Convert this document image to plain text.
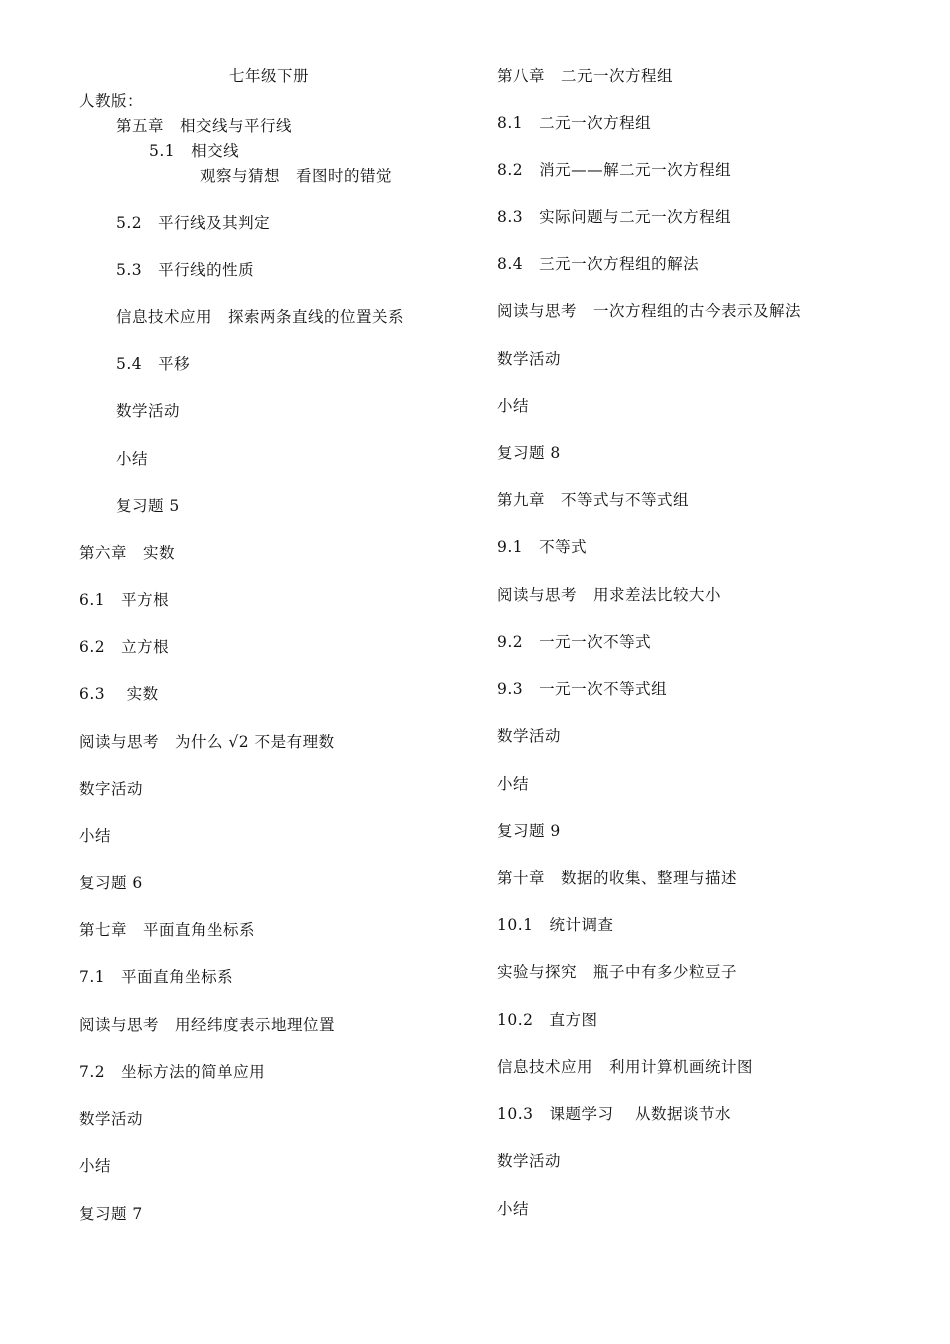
七年级下册
人教版：
第五章　相交线与平行线
5.1　相交线
观察与猜想　看图时的错觉
5.2　平行线及其判定
5.3　平行线的性质
信息技术应用　探索两条直线的位置关系
5.4　平移
数学活动
小结
复习题 5
第六章　实数
6.1　平方根
6.2　立方根
6.3　 实数
阅读与思考　为什么 √2 不是有理数
数字活动
小结
复习题 6
第七章　平面直角坐标系
7.1　平面直角坐标系
阅读与思考　用经纬度表示地理位置
7.2　坐标方法的简单应用
数学活动
小结
复习题 7
第八章　二元一次方程组
8.1　二元一次方程组
8.2　消元——解二元一次方程组
8.3　实际问题与二元一次方程组
8.4　三元一次方程组的解法
阅读与思考　一次方程组的古今表示及解法
数学活动
小结
复习题 8
第九章　不等式与不等式组
9.1　不等式
阅读与思考　用求差法比较大小
9.2　一元一次不等式
9.3　一元一次不等式组
数学活动
小结
复习题 9
第十章　数据的收集、整理与描述
10.1　统计调查
实验与探究　瓶子中有多少粒豆子
10.2　直方图
信息技术应用　利用计算机画统计图
10.3　课题学习　 从数据谈节水
数学活动
小结
